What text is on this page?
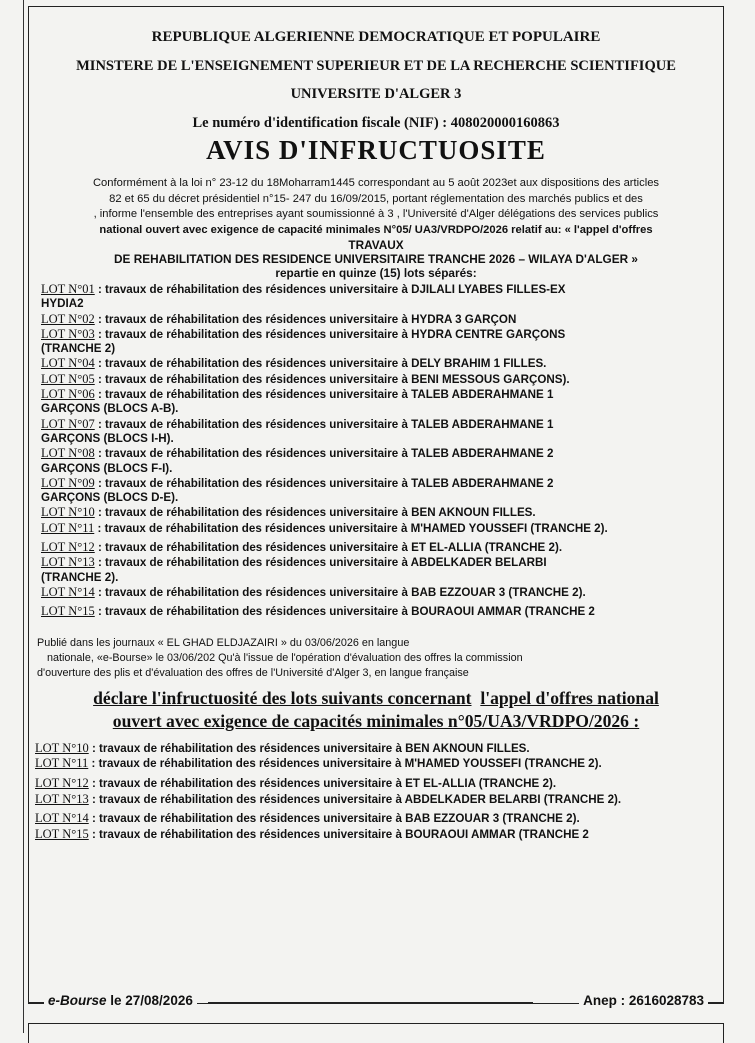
REPUBLIQUE ALGERIENNE DEMOCRATIQUE ET POPULAIRE
MINSTERE DE L'ENSEIGNEMENT SUPERIEUR ET DE LA RECHERCHE SCIENTIFIQUE
UNIVERSITE D'ALGER 3
Le numéro d'identification fiscale (NIF) : 408020000160863
AVIS D'INFRUCTUOSITE
Conformément à la loi n° 23-12 du 18Moharram1445 correspondant au 5 août 2023et aux dispositions des articles
82 et 65 du décret présidentiel n°15- 247 du 16/09/2015, portant réglementation des marchés publics et des
, informe l'ensemble des entreprises ayant soumissionné à 3 , l'Université d'Alger délégations des services publics
national ouvert avec exigence de capacité minimales N°05/ UA3/VRDPO/2026 relatif au: « l'appel d'offres
TRAVAUX
DE REHABILITATION DES RESIDENCE UNIVERSITAIRE TRANCHE 2026 – WILAYA D'ALGER »
repartie en quinze (15) lots séparés:
LOT N°01 : travaux de réhabilitation des résidences universitaire à DJILALI LYABES FILLES-EX
HYDIA2
LOT N°02 : travaux de réhabilitation des résidences universitaire à HYDRA 3 GARÇON
LOT N°03 : travaux de réhabilitation des résidences universitaire à HYDRA CENTRE GARÇONS
(TRANCHE 2)
LOT N°04 : travaux de réhabilitation des résidences universitaire à DELY BRAHIM 1 FILLES.
LOT N°05 : travaux de réhabilitation des résidences universitaire à BENI MESSOUS GARÇONS).
LOT N°06 : travaux de réhabilitation des résidences universitaire à TALEB ABDERAHMANE 1
GARÇONS (BLOCS A-B).
LOT N°07 : travaux de réhabilitation des résidences universitaire à TALEB ABDERAHMANE 1
GARÇONS (BLOCS I-H).
LOT N°08 : travaux de réhabilitation des résidences universitaire à TALEB ABDERAHMANE 2
GARÇONS (BLOCS F-I).
LOT N°09 : travaux de réhabilitation des résidences universitaire à TALEB ABDERAHMANE 2
GARÇONS (BLOCS D-E).
LOT N°10 : travaux de réhabilitation des résidences universitaire à BEN AKNOUN FILLES.
LOT N°11 : travaux de réhabilitation des résidences universitaire à M'HAMED YOUSSEFI (TRANCHE 2).
LOT N°12 : travaux de réhabilitation des résidences universitaire à ET EL-ALLIA (TRANCHE 2).
LOT N°13 : travaux de réhabilitation des résidences universitaire à ABDELKADER BELARBI
(TRANCHE 2).
LOT N°14 : travaux de réhabilitation des résidences universitaire à BAB EZZOUAR 3 (TRANCHE 2).
LOT N°15 : travaux de réhabilitation des résidences universitaire à BOURAOUI AMMAR (TRANCHE 2
Publié dans les journaux « EL GHAD ELDJAZAIRI » du 03/06/2026 en langue
nationale, «e-Bourse» le 03/06/202 Qu'à l'issue de l'opération d'évaluation des offres la commission
d'ouverture des plis et d'évaluation des offres de l'Université d'Alger 3, en langue française
déclare l'infructuosité des lots suivants concernant l'appel d'offres national
ouvert avec exigence de capacités minimales n°05/UA3/VRDPO/2026 :
LOT N°10 : travaux de réhabilitation des résidences universitaire à BEN AKNOUN FILLES.
LOT N°11 : travaux de réhabilitation des résidences universitaire à M'HAMED YOUSSEFI (TRANCHE 2).
LOT N°12 : travaux de réhabilitation des résidences universitaire à ET EL-ALLIA (TRANCHE 2).
LOT N°13 : travaux de réhabilitation des résidences universitaire à ABDELKADER BELARBI (TRANCHE 2).
LOT N°14 : travaux de réhabilitation des résidences universitaire à BAB EZZOUAR 3 (TRANCHE 2).
LOT N°15 : travaux de réhabilitation des résidences universitaire à BOURAOUI AMMAR (TRANCHE 2
e-Bourse le 27/08/2026	Anep : 2616028783
